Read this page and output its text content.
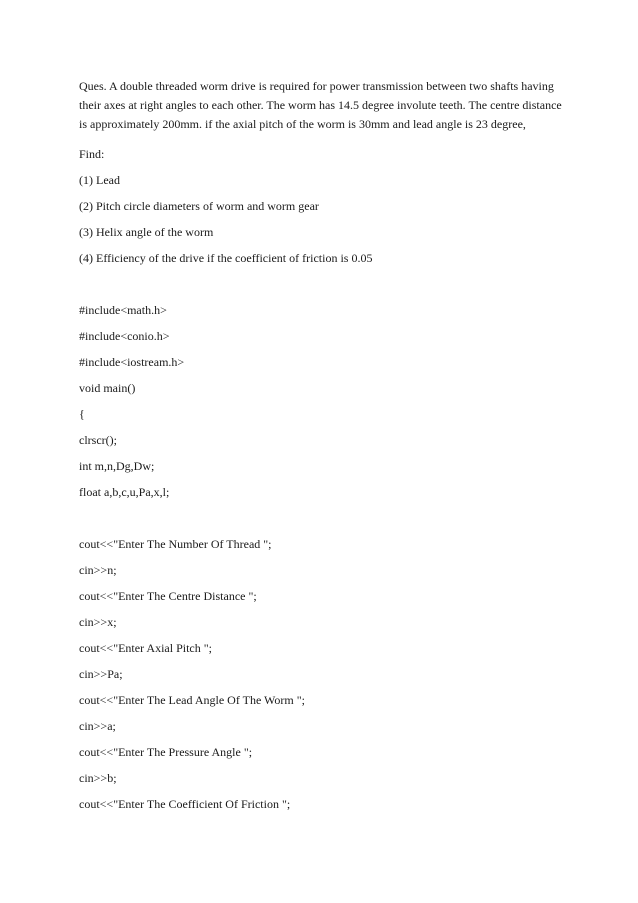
Ques. A double threaded worm drive is required for power transmission between two shafts having
their axes at right angles to each other. The worm has 14.5 degree involute teeth. The centre distance
is approximately 200mm. if the axial pitch of the worm is 30mm and lead angle is 23 degree,
Find:
(1) Lead
(2) Pitch circle diameters of worm and worm gear
(3) Helix angle of the worm
(4) Efficiency of the drive if the coefficient of friction is 0.05
#include<math.h>
#include<conio.h>
#include<iostream.h>
void main()
{
clrscr();
int m,n,Dg,Dw;
float a,b,c,u,Pa,x,l;
cout<<"Enter The Number Of Thread ";
cin>>n;
cout<<"Enter The Centre Distance ";
cin>>x;
cout<<"Enter Axial Pitch ";
cin>>Pa;
cout<<"Enter The Lead Angle Of The Worm ";
cin>>a;
cout<<"Enter The Pressure Angle ";
cin>>b;
cout<<"Enter The Coefficient Of Friction ";
